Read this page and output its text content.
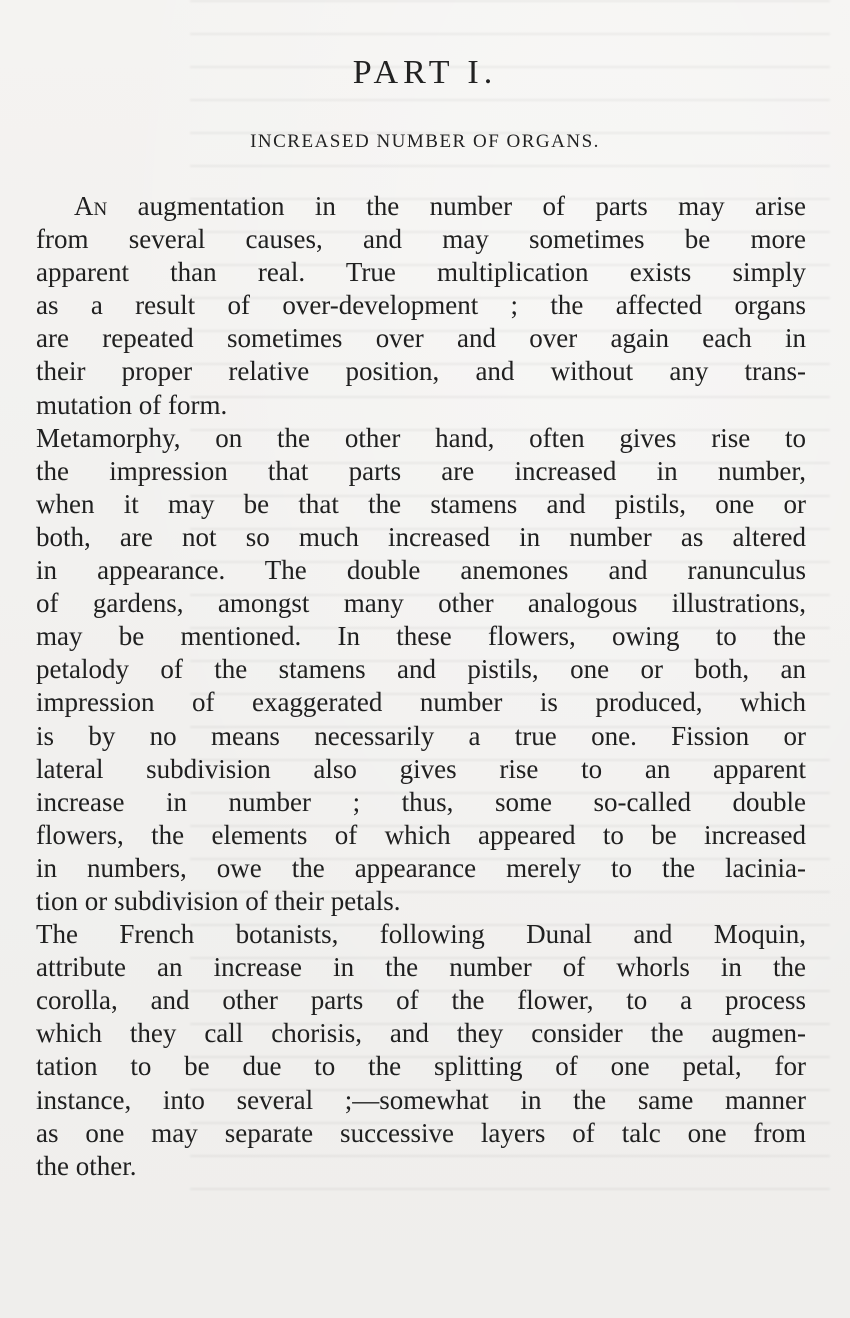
PART I.
INCREASED NUMBER OF ORGANS.
An augmentation in the number of parts may arise
from several causes, and may sometimes be more
apparent than real. True multiplication exists simply
as a result of over-development ; the affected organs
are repeated sometimes over and over again each in
their proper relative position, and without any trans-
mutation of form.
Metamorphy, on the other hand, often gives rise to
the impression that parts are increased in number,
when it may be that the stamens and pistils, one or
both, are not so much increased in number as altered
in appearance. The double anemones and ranunculus
of gardens, amongst many other analogous illustrations,
may be mentioned. In these flowers, owing to the
petalody of the stamens and pistils, one or both, an
impression of exaggerated number is produced, which
is by no means necessarily a true one. Fission or
lateral subdivision also gives rise to an apparent
increase in number ; thus, some so-called double
flowers, the elements of which appeared to be increased
in numbers, owe the appearance merely to the lacinia-
tion or subdivision of their petals.
The French botanists, following Dunal and Moquin,
attribute an increase in the number of whorls in the
corolla, and other parts of the flower, to a process
which they call chorisis, and they consider the augmen-
tation to be due to the splitting of one petal, for
instance, into several ;—somewhat in the same manner
as one may separate successive layers of talc one from
the other.
